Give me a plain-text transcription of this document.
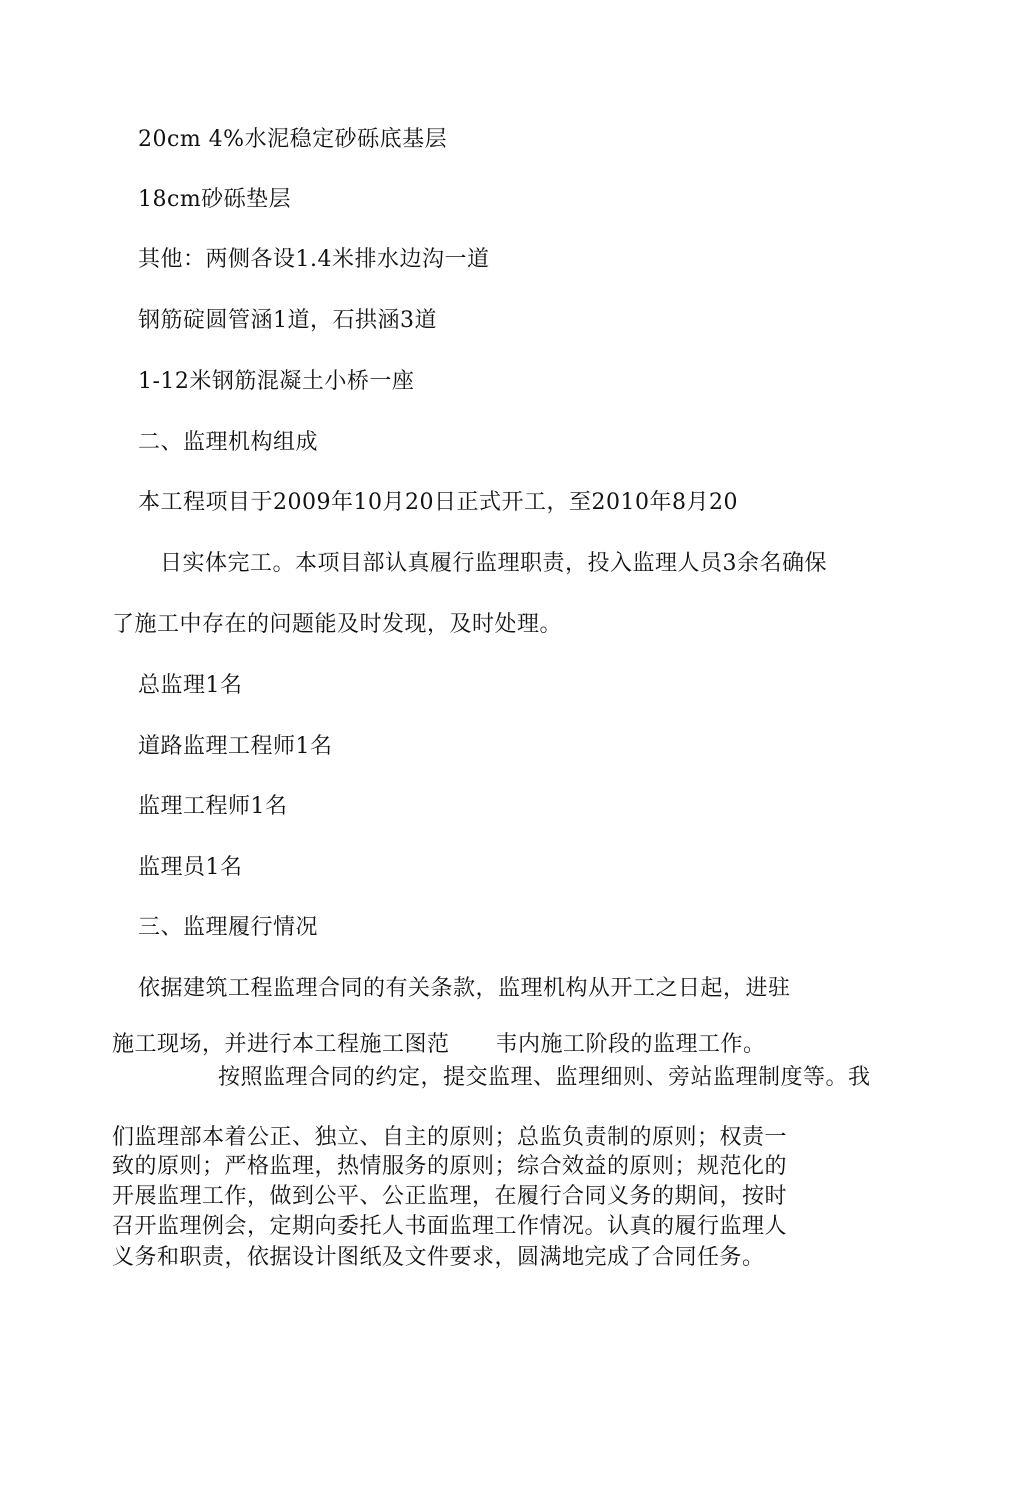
20cm 4%水泥稳定砂砾底基层
18cm砂砾垫层
其他：两侧各设1.4米排水边沟一道
钢筋碇圆管涵1道，石拱涵3道
1-12米钢筋混凝土小桥一座
二、监理机构组成
本工程项目于2009年10月20日正式开工，至2010年8月20
日实体完工。本项目部认真履行监理职责，投入监理人员3余名确保
了施工中存在的问题能及时发现，及时处理。
总监理1名
道路监理工程师1名
监理工程师1名
监理员1名
三、监理履行情况
依据建筑工程监理合同的有关条款，监理机构从开工之日起，进驻
施工现场，并进行本工程施工图范 韦内施工阶段的监理工作。
按照监理合同的约定，提交监理、监理细则、旁站监理制度等。我
们监理部本着公正、独立、自主的原则；总监负责制的原则；权责一
致的原则；严格监理，热情服务的原则；综合效益的原则；规范化的
开展监理工作，做到公平、公正监理，在履行合同义务的期间，按时
召开监理例会，定期向委托人书面监理工作情况。认真的履行监理人
义务和职责，依据设计图纸及文件要求，圆满地完成了合同任务。
